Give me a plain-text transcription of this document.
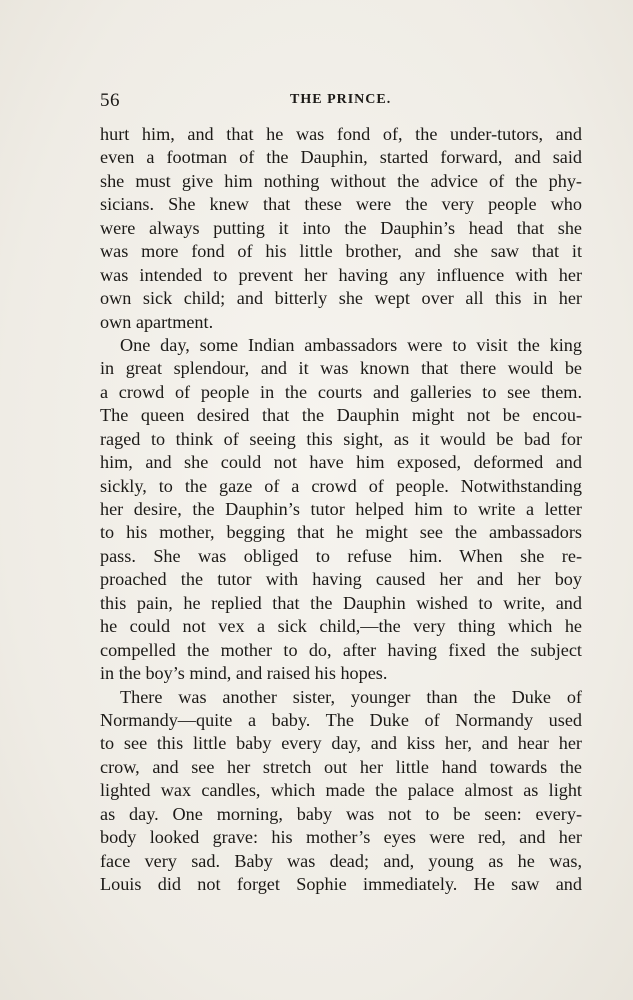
56	THE PRINCE.
hurt him, and that he was fond of, the under-tutors, and
even a footman of the Dauphin, started forward, and said
she must give him nothing without the advice of the phy-
sicians. She knew that these were the very people who
were always putting it into the Dauphin’s head that she
was more fond of his little brother, and she saw that it
was intended to prevent her having any influence with her
own sick child; and bitterly she wept over all this in her
own apartment.
One day, some Indian ambassadors were to visit the king
in great splendour, and it was known that there would be
a crowd of people in the courts and galleries to see them.
The queen desired that the Dauphin might not be encou-
raged to think of seeing this sight, as it would be bad for
him, and she could not have him exposed, deformed and
sickly, to the gaze of a crowd of people. Notwithstanding
her desire, the Dauphin’s tutor helped him to write a letter
to his mother, begging that he might see the ambassadors
pass. She was obliged to refuse him. When she re-
proached the tutor with having caused her and her boy
this pain, he replied that the Dauphin wished to write, and
he could not vex a sick child,—the very thing which he
compelled the mother to do, after having fixed the subject
in the boy’s mind, and raised his hopes.
There was another sister, younger than the Duke of
Normandy—quite a baby. The Duke of Normandy used
to see this little baby every day, and kiss her, and hear her
crow, and see her stretch out her little hand towards the
lighted wax candles, which made the palace almost as light
as day. One morning, baby was not to be seen: every-
body looked grave: his mother’s eyes were red, and her
face very sad. Baby was dead; and, young as he was,
Louis did not forget Sophie immediately. He saw and
